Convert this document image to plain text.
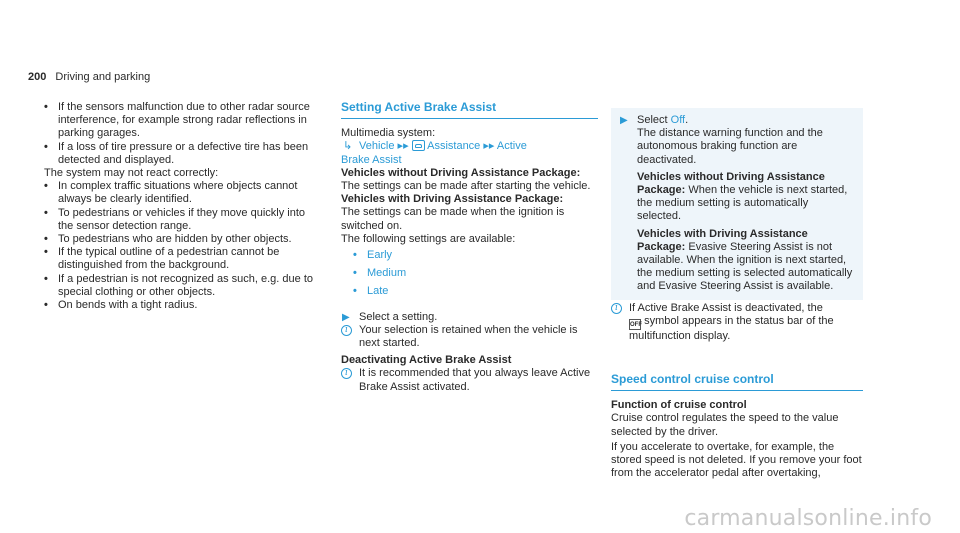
200 Driving and parking
• If the sensors malfunction due to other radar source interference, for example strong radar reflections in parking garages.
• If a loss of tire pressure or a defective tire has been detected and displayed.

The system may not react correctly:

• In complex traffic situations where objects cannot always be clearly identified.
• To pedestrians or vehicles if they move quickly into the sensor detection range.
• To pedestrians who are hidden by other objects.
• If the typical outline of a pedestrian cannot be distinguished from the background.
• If a pedestrian is not recognized as such, e.g. due to special clothing or other objects.
• On bends with a tight radius.
Setting Active Brake Assist

Multimedia system:

↳ Vehicle ▸▸  Assistance ▸▸ Active
Brake Assist

Vehicles without Driving Assistance Package: The settings can be made after starting the vehicle.

Vehicles with Driving Assistance Package:
The settings can be made when the ignition is switched on.

The following settings are available:

• Early
• Medium
• Late
▶ Select a setting.
i	Your selection is retained when the vehicle is next started.

Deactivating Active Brake Assist

i	It is recommended that you always leave Active Brake Assist activated.
▶ Select Off.
The distance warning function and the autonomous braking function are deactivated.
Vehicles without Driving Assistance Package: When the vehicle is next started, the medium setting is automatically selected.
Vehicles with Driving Assistance Package: Evasive Steering Assist is not available. When the ignition is next started, the medium setting is selected automatically and Evasive Steering Assist is available.
i	If Active Brake Assist is deactivated, the
OFF symbol appears in the status bar of the multifunction display.
Speed control cruise control

Function of cruise control

Cruise control regulates the speed to the value selected by the driver.

If you accelerate to overtake, for example, the stored speed is not deleted. If you remove your foot from the accelerator pedal after overtaking,

carmanualsonline.info
